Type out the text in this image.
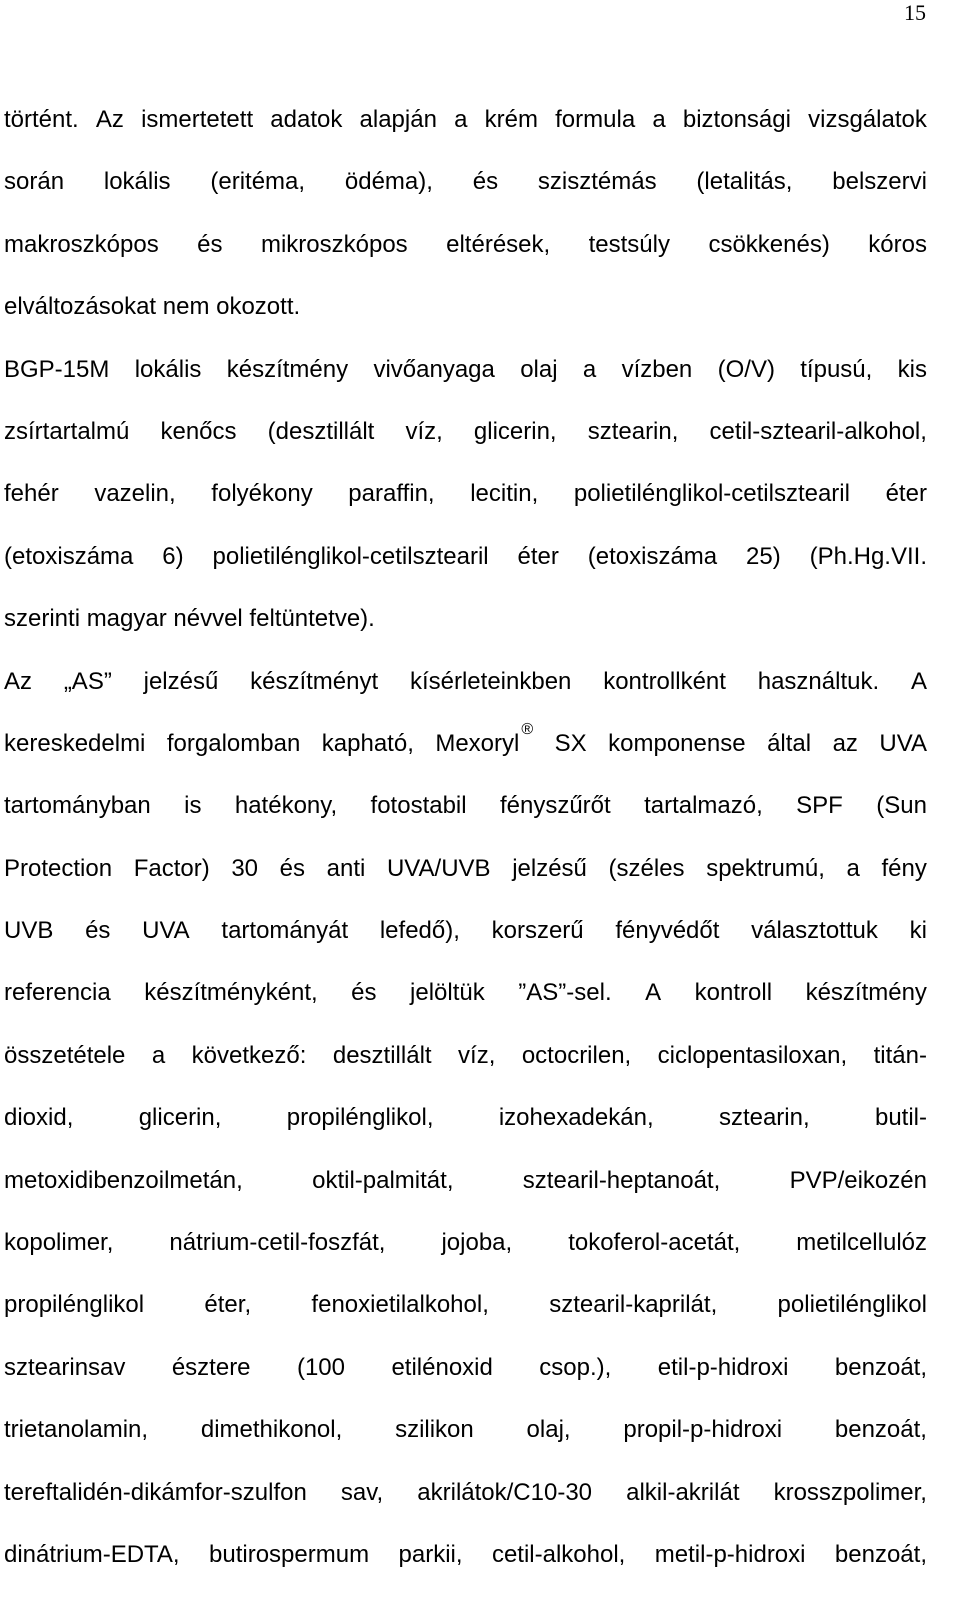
15
történt. Az ismertetett adatok alapján a krém formula a biztonsági vizsgálatok
során lokális (eritéma, ödéma), és szisztémás (letalitás, belszervi
makroszkópos és mikroszkópos eltérések, testsúly csökkenés) kóros
elváltozásokat nem okozott.
BGP-15M lokális készítmény vivőanyaga olaj a vízben (O/V) típusú, kis
zsírtartalmú kenőcs (desztillált víz, glicerin, sztearin, cetil-sztearil-alkohol,
fehér vazelin, folyékony paraffin, lecitin, polietilénglikol-cetilsztearil éter
(etoxiszáma 6) polietilénglikol-cetilsztearil éter (etoxiszáma 25) (Ph.Hg.VII.
szerinti magyar névvel feltüntetve).
Az „AS” jelzésű készítményt kísérleteinkben kontrollként használtuk. A
kereskedelmi forgalomban kapható, Mexoryl®
SX komponense által az UVA
tartományban is hatékony, fotostabil fényszűrőt tartalmazó, SPF (Sun
Protection Factor) 30 és anti UVA/UVB jelzésű (széles spektrumú, a fény
UVB és UVA tartományát lefedő), korszerű fényvédőt választottuk ki
referencia készítményként, és jelöltük ”AS”-sel. A kontroll készítmény
összetétele a következő: desztillált víz, octocrilen, ciclopentasiloxan, titán-
dioxid,	glicerin,	propilénglikol,	izohexadekán,	sztearin,	butil-
metoxidibenzoilmetán,	oktil-palmitát,	sztearil-heptanoát,	PVP/eikozén
kopolimer, nátrium-cetil-foszfát, jojoba, tokoferol-acetát, metilcellulóz
propilénglikol	éter,	fenoxietilalkohol,	sztearil-kaprilát,	polietilénglikol
sztearinsav észtere (100 etilénoxid csop.), etil-p-hidroxi benzoát,
trietanolamin, dimethikonol, szilikon olaj, propil-p-hidroxi benzoát,
tereftalidén-dikámfor-szulfon sav, akrilátok/C10-30 alkil-akrilát krosszpolimer,
dinátrium-EDTA, butirospermum parkii, cetil-alkohol, metil-p-hidroxi benzoát,
